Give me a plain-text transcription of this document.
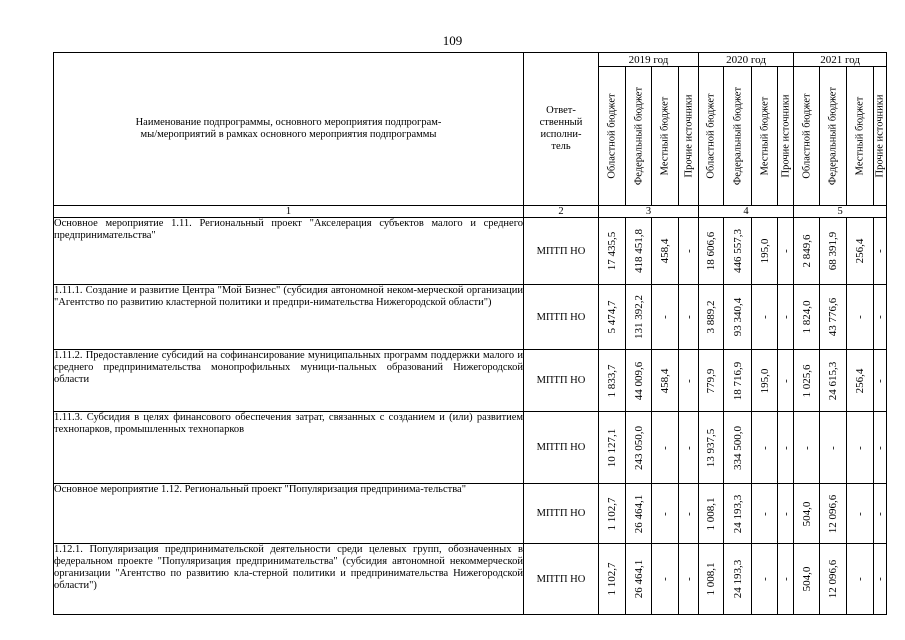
109
Наименование подпрограммы, основного мероприятия подпрограм-
мы/мероприятий в рамках основного мероприятия подпрограммы	Ответ-
ственный
исполни-
тель	2019 год				2020 год				2021 год			

		Областной бюджет	Федеральный бюджет	Местный бюджет	Прочие источники	Областной бюджет	Федеральный бюджет	Местный бюджет	Прочие источники	Областной бюджет	Федеральный бюджет	Местный бюджет	Прочие источники

1	2	3				4				5			
Основное мероприятие 1.11. Региональный проект "Акселерация субъектов малого и среднего предпринимательства"	МПТП НО	17 435,5	418 451,8	458,4	-	18 606,6	446 557,3	195,0	-	2 849,6	68 391,9	256,4	-

1.11.1. Создание и развитие Центра "Мой Бизнес" (субсидия автономной неком-мерческой организации "Агентство по развитию кластерной политики и предпри-нимательства Нижегородской области")	МПТП НО	5 474,7	131 392,2	-	-	3 889,2	93 340,4	-	-	1 824,0	43 776,6	-	-

1.11.2. Предоставление субсидий на софинансирование муниципальных программ поддержки малого и среднего предпринимательства монопрофильных муници-пальных образований Нижегородской области	МПТП НО	1 833,7	44 009,6	458,4	-	779,9	18 716,9	195,0	-	1 025,6	24 615,3	256,4	-

1.11.3. Субсидия в целях финансового обеспечения затрат, связанных с созданием и (или) развитием технопарков, промышленных технопарков	МПТП НО	10 127,1	243 050,0	-	-	13 937,5	334 500,0	-	-	-	-	-	-

Основное мероприятие 1.12. Региональный проект "Популяризация предпринима-тельства"	МПТП НО	1 102,7	26 464,1	-	-	1 008,1	24 193,3	-	-	504,0	12 096,6	-	-

1.12.1. Популяризация предпринимательской деятельности среди целевых групп, обозначенных в федеральном проекте "Популяризация предпринимательства" (субсидия автономной некоммерческой организации "Агентство по развитию кла-стерной политики и предпринимательства Нижегородской области")	МПТП НО	1 102,7	26 464,1	-	-	1 008,1	24 193,3	-	-	504,0	12 096,6	-	-
